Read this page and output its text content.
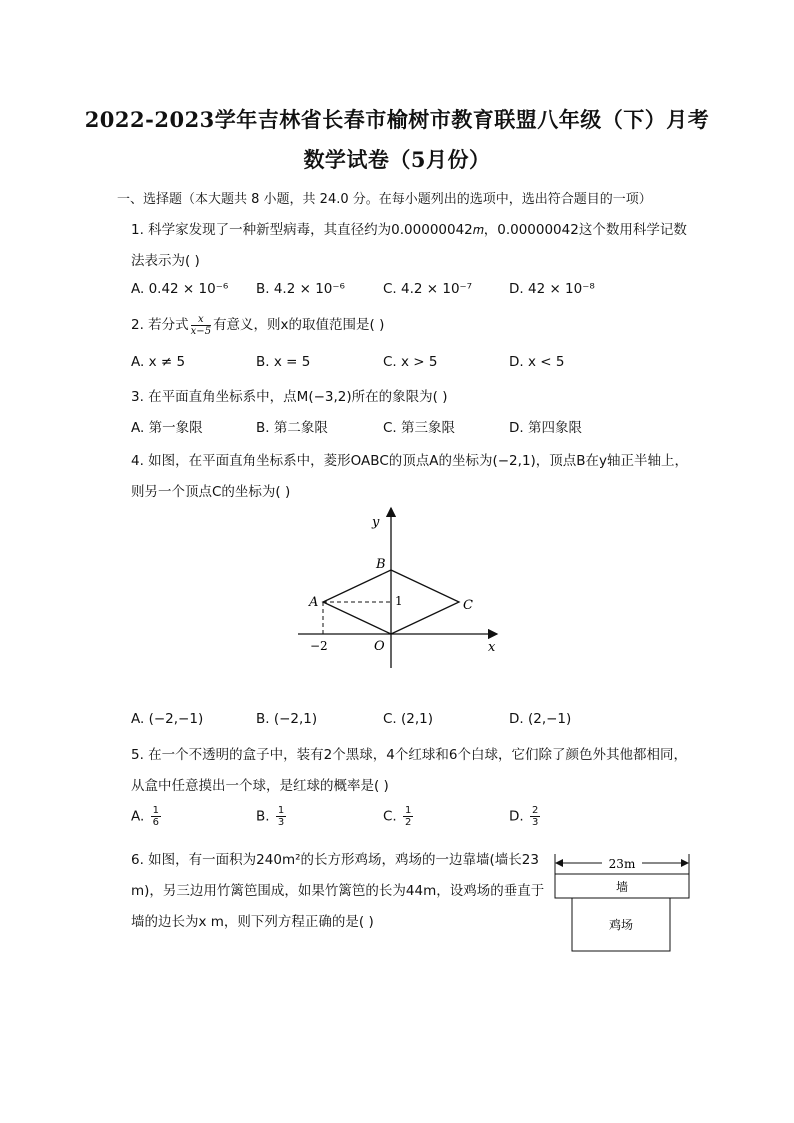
2022-2023学年吉林省长春市榆树市教育联盟八年级（下）月考
数学试卷（5月份）
一、选择题（本大题共 8 小题，共 24.0 分。在每小题列出的选项中，选出符合题目的一项）
1. 科学家发现了一种新型病毒，其直径约为0.00000042𝑚，0.00000042这个数用科学记数
法表示为( )
A. 0.42 × 10⁻⁶ B. 4.2 × 10⁻⁶	C. 4.2 × 10⁻⁷	D. 42 × 10⁻⁸
2. 若分式 $\frac{x}{x-5}$ 有意义，则x的取值范围是( )
A. x ≠ 5	B. x = 5	C. x > 5	D. x < 5
3. 在平面直角坐标系中，点M(−3,2)所在的象限为( )
A. 第一象限	B. 第二象限	C. 第三象限	D. 第四象限
4. 如图，在平面直角坐标系中，菱形OABC的顶点A的坐标为(−2,1)，顶点B在y轴正半轴上，
则另一个顶点C的坐标为( )
y
x
B
A	C
O
1
−2
A. (−2,−1)	B. (−2,1)	C. (2,1)	D. (2,−1)
5. 在一个不透明的盒子中，装有2个黑球，4个红球和6个白球，它们除了颜色外其他都相同，
从盒中任意摸出一个球，是红球的概率是( )
A. $\frac{1}{6}$	B. $\frac{1}{3}$	C. $\frac{1}{2}$	D. $\frac{2}{3}$
6. 如图，有一面积为240m²的长方形鸡场，鸡场的一边靠墙(墙长23
m)，另三边用竹篱笆围成，如果竹篱笆的长为44m，设鸡场的垂直于
墙的边长为x m，则下列方程正确的是( )
23m
墙
鸡场
